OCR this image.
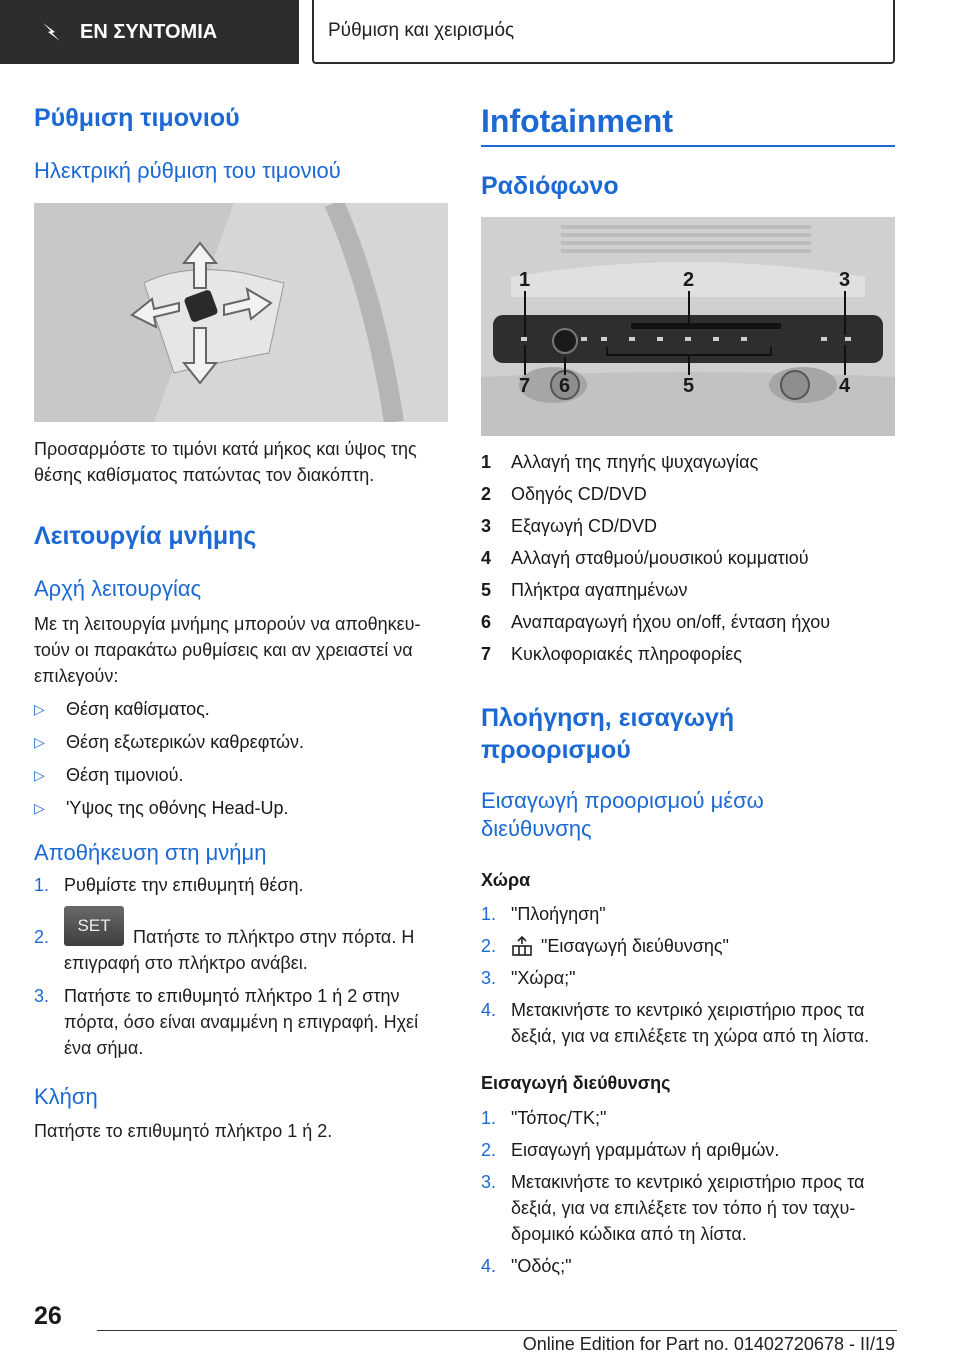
ΕΝ ΣΥΝΤΟΜΙΑ	Ρύθμιση και χειρισμός
Ρύθμιση τιμονιού
Ηλεκτρική ρύθμιση του τιμονιού
Προσαρμόστε το τιμόνι κατά μήκος και ύψος της θέσης καθίσματος πατώντας τον διακόπτη.
Λειτουργία μνήμης
Αρχή λειτουργίας
Με τη λειτουργία μνήμης μπορούν να αποθηκευ-
τούν οι παρακάτω ρυθμίσεις και αν χρειαστεί να
επιλεγούν:
▷	Θέση καθίσματος.
▷	Θέση εξωτερικών καθρεφτών.
▷	Θέση τιμονιού.
▷	'Υψος της οθόνης Head-Up.
Αποθήκευση στη μνήμη
1. Ρυθμίστε την επιθυμητή θέση.
2.
SET
Πατήστε το πλήκτρο στην πόρτα. Η
επιγραφή στο πλήκτρο ανάβει.
3. Πατήστε το επιθυμητό πλήκτρο 1 ή 2 στην
πόρτα, όσο είναι αναμμένη η επιγραφή. Ηχεί
ένα σήμα.
Κλήση
Πατήστε το επιθυμητό πλήκτρο 1 ή 2.
Infotainment
Ραδιόφωνο
1	2	3
4
5
6
7
1	Αλλαγή της πηγής ψυχαγωγίας
2	Οδηγός CD/DVD
3	Εξαγωγή CD/DVD
4	Αλλαγή σταθμού/μουσικού κομματιού
5	Πλήκτρα αγαπημένων
6	Αναπαραγωγή ήχου on/off, ένταση ήχου
7	Κυκλοφοριακές πληροφορίες
Πλοήγηση, εισαγωγή
προορισμού
Εισαγωγή προορισμού μέσω
διεύθυνσης
Χώρα
1. "Πλοήγηση"
2.	"Εισαγωγή διεύθυνσης"
3. "Χώρα;"
4. Μετακινήστε το κεντρικό χειριστήριο προς τα
δεξιά, για να επιλέξετε τη χώρα από τη λίστα.
Εισαγωγή διεύθυνσης
1. "Τόπος/ΤΚ;"
2. Εισαγωγή γραμμάτων ή αριθμών.
3. Μετακινήστε το κεντρικό χειριστήριο προς τα
δεξιά, για να επιλέξετε τον τόπο ή τον ταχυ-
δρομικό κώδικα από τη λίστα.
4. "Οδός;"
26
Online Edition for Part no. 01402720678 - II/19
